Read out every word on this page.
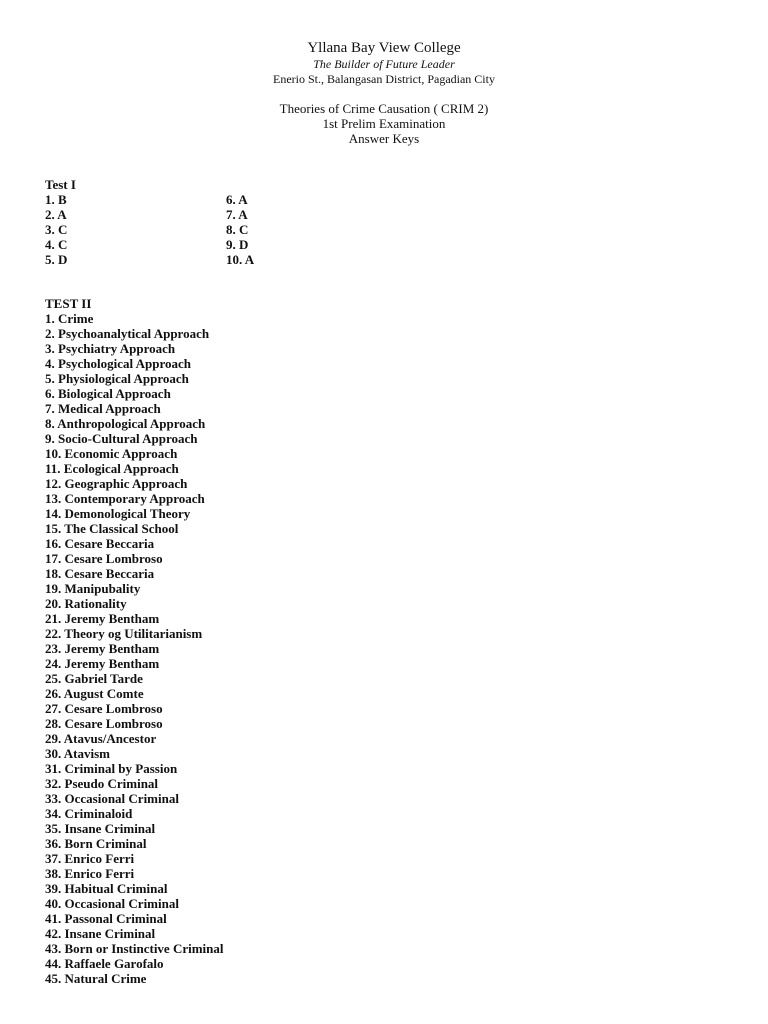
Yllana Bay View College
The Builder of Future Leader
Enerio St., Balangasan District, Pagadian City
Theories of Crime Causation ( CRIM 2)
1st Prelim Examination
Answer Keys
Test I
1. B
2. A
3. C
4. C
5. D
6. A
7. A
8. C
9. D
10. A
TEST II
1. Crime
2. Psychoanalytical Approach
3. Psychiatry Approach
4. Psychological Approach
5. Physiological Approach
6. Biological Approach
7. Medical Approach
8. Anthropological Approach
9. Socio-Cultural Approach
10. Economic Approach
11. Ecological Approach
12. Geographic Approach
13. Contemporary Approach
14. Demonological Theory
15. The Classical School
16. Cesare Beccaria
17. Cesare Lombroso
18. Cesare Beccaria
19. Manipubality
20. Rationality
21. Jeremy Bentham
22. Theory og Utilitarianism
23. Jeremy Bentham
24. Jeremy Bentham
25. Gabriel Tarde
26. August Comte
27. Cesare Lombroso
28. Cesare Lombroso
29. Atavus/Ancestor
30. Atavism
31. Criminal by Passion
32. Pseudo Criminal
33. Occasional Criminal
34. Criminaloid
35. Insane Criminal
36. Born Criminal
37. Enrico Ferri
38. Enrico Ferri
39. Habitual Criminal
40. Occasional Criminal
41. Passonal Criminal
42. Insane Criminal
43. Born or Instinctive Criminal
44. Raffaele Garofalo
45. Natural Crime
